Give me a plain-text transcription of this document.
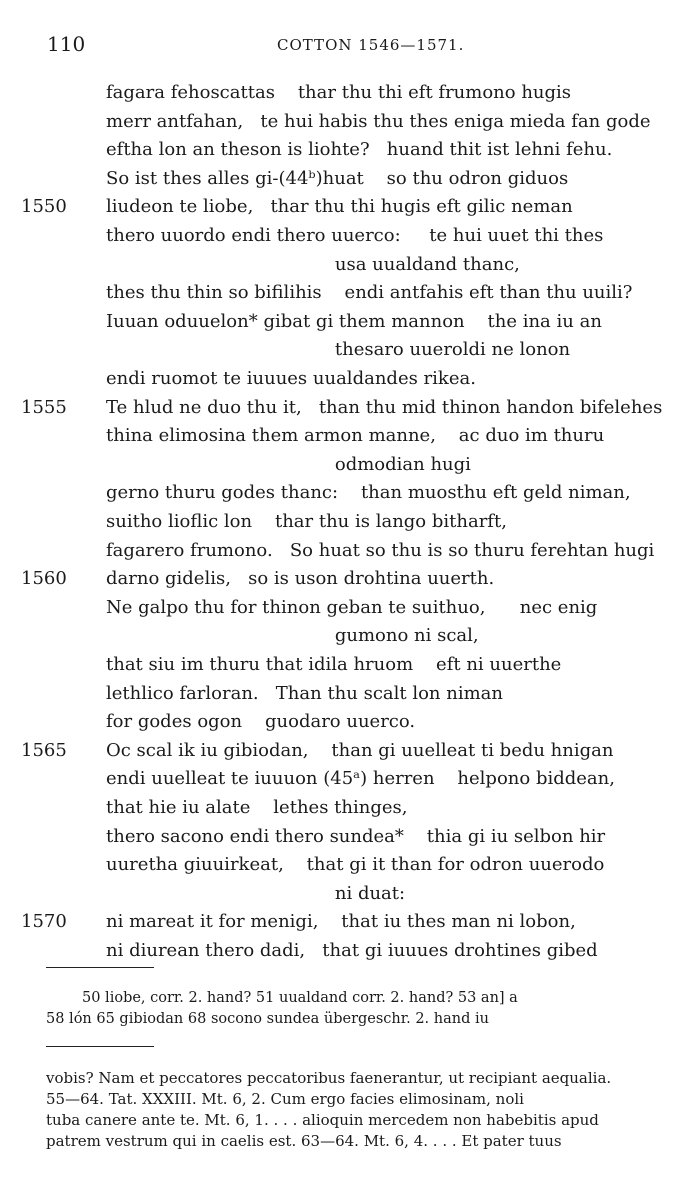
110	COTTON 1546—1571.
fagara fehoscattas    thar thu thi eft frumono hugis
merr antfahan,   te hui habis thu thes eniga mieda fan gode
eftha lon an theson is liohte?   huand thit ist lehni fehu.
So ist thes alles gi-(44ᵇ)huat    so thu odron giduos
1550 liudeon te liobe,   thar thu thi hugis eft gilic neman
thero uuordo endi thero uuerco:     te hui uuet thi thes
usa uualdand thanc,
thes thu thin so bifilihis    endi antfahis eft than thu uuili?
Iuuan oduuelon* gibat gi them mannon    the ina iu an
thesaro uueroldi ne lonon
endi ruomot te iuuues uualdandes rikea.
1555 Te hlud ne duo thu it,   than thu mid thinon handon bifelehes
thina elimosina them armon manne,    ac duo im thuru
odmodian hugi
gerno thuru godes thanc:    than muosthu eft geld niman,
suitho lioflic lon    thar thu is lango bitharft,
fagarero frumono.   So huat so thu is so thuru ferehtan hugi
1560 darno gidelis,   so is uson drohtina uuerth.
Ne galpo thu for thinon geban te suithuo,      nec enig
gumono ni scal,
that siu im thuru that idila hruom    eft ni uuerthe
lethlico farloran.   Than thu scalt lon niman
for godes ogon    guodaro uuerco.
1565 Oc scal ik iu gibiodan,    than gi uuelleat ti bedu hnigan
endi uuelleat te iuuuon (45ᵃ) herren    helpono biddean,
that hie iu alate    lethes thinges,
thero sacono endi thero sundea*    thia gi iu selbon hir
uuretha giuuirkeat,    that gi it than for odron uuerodo
ni duat:
1570 ni mareat it for menigi,    that iu thes man ni lobon,
ni diurean thero dadi,   that gi iuuues drohtines gibed
50 liobe, corr. 2. hand? 51 uualdand corr. 2. hand? 53 an] a
58 lón 65 gibiodan 68 socono sundea übergeschr. 2. hand iu
vobis? Nam et peccatores peccatoribus faenerantur, ut recipiant aequalia.
55—64. Tat. XXXIII. Mt. 6, 2. Cum ergo facies elimosinam, noli
tuba canere ante te. Mt. 6, 1. . . . alioquin mercedem non habebitis apud
patrem vestrum qui in caelis est. 63—64. Mt. 6, 4. . . . Et pater tuus
